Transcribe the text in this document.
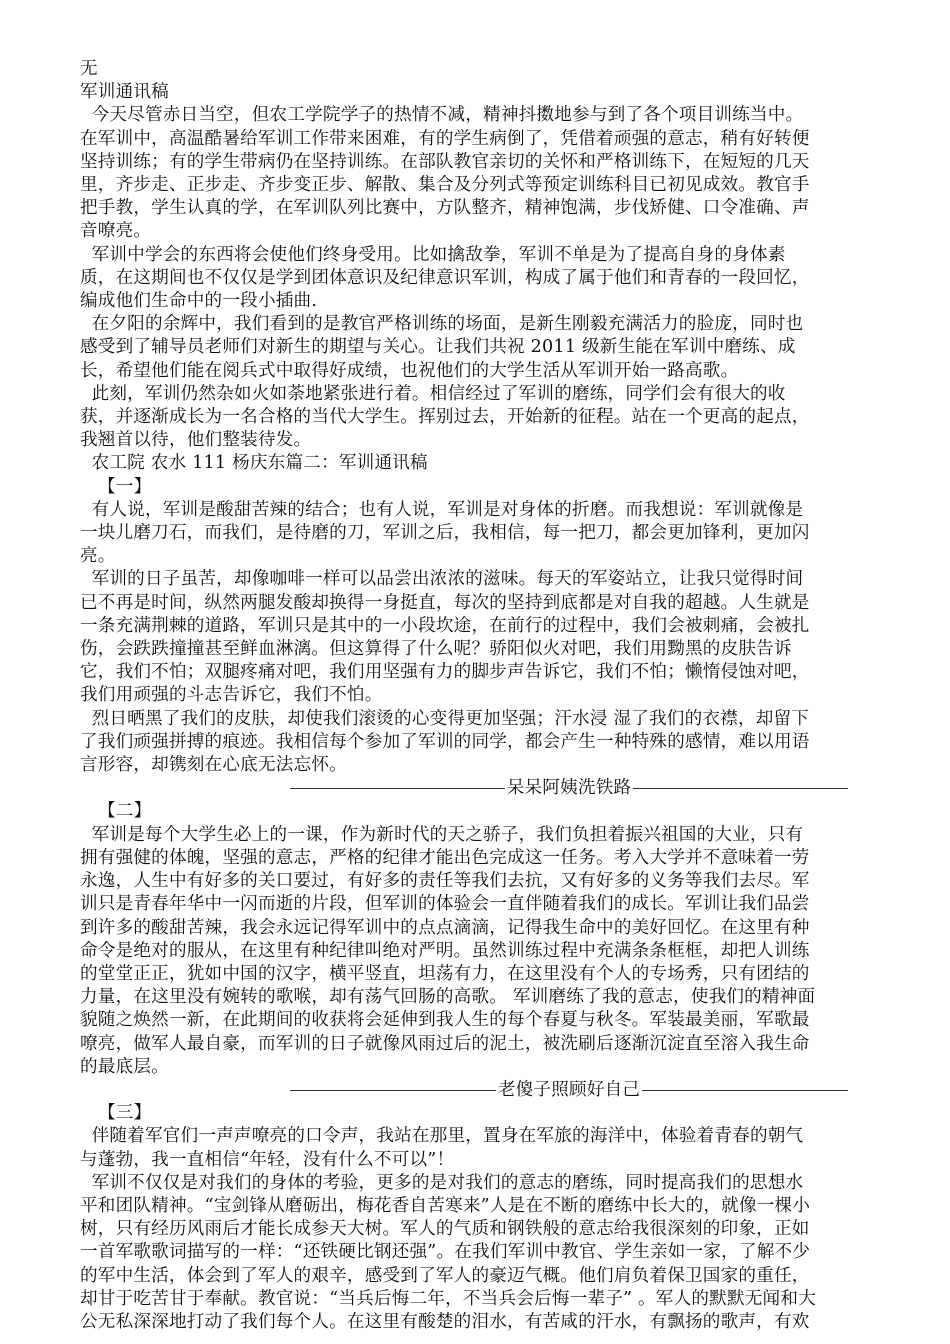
无
军训通讯稿
今天尽管赤日当空，但农工学院学子的热情不减，精神抖擞地参与到了各个项目训练当中。
在军训中，高温酷暑给军训工作带来困难，有的学生病倒了，凭借着顽强的意志，稍有好转便
坚持训练；有的学生带病仍在坚持训练。在部队教官亲切的关怀和严格训练下，在短短的几天
里，齐步走、正步走、齐步变正步、解散、集合及分列式等预定训练科目已初见成效。教官手
把手教，学生认真的学，在军训队列比赛中，方队整齐，精神饱满，步伐矫健、口令准确、声
音嘹亮。
军训中学会的东西将会使他们终身受用。比如擒敌拳，军训不单是为了提高自身的身体素
质，在这期间也不仅仅是学到团体意识及纪律意识军训，构成了属于他们和青春的一段回忆，
编成他们生命中的一段小插曲.
在夕阳的余辉中，我们看到的是教官严格训练的场面，是新生刚毅充满活力的脸庞，同时也
感受到了辅导员老师们对新生的期望与关心。让我们共祝 2011 级新生能在军训中磨练、成
长，希望他们能在阅兵式中取得好成绩，也祝他们的大学生活从军训开始一路高歌。
此刻，军训仍然杂如火如荼地紧张进行着。相信经过了军训的磨练，同学们会有很大的收
获，并逐渐成长为一名合格的当代大学生。挥别过去，开始新的征程。站在一个更高的起点，
我翘首以待，他们整装待发。
农工院 农水 111 杨庆东篇二：军训通讯稿
【一】
有人说，军训是酸甜苦辣的结合；也有人说，军训是对身体的折磨。而我想说：军训就像是
一块儿磨刀石，而我们，是待磨的刀，军训之后，我相信，每一把刀，都会更加锋利，更加闪
亮。
军训的日子虽苦，却像咖啡一样可以品尝出浓浓的滋味。每天的军姿站立，让我只觉得时间
已不再是时间，纵然两腿发酸却换得一身挺直，每次的坚持到底都是对自我的超越。人生就是
一条充满荆棘的道路，军训只是其中的一小段坎途，在前行的过程中，我们会被刺痛，会被扎
伤，会跌跌撞撞甚至鲜血淋漓。但这算得了什么呢？骄阳似火对吧，我们用黝黑的皮肤告诉
它，我们不怕；双腿疼痛对吧，我们用坚强有力的脚步声告诉它，我们不怕；懒惰侵蚀对吧，
我们用顽强的斗志告诉它，我们不怕。
烈日晒黑了我们的皮肤，却使我们滚烫的心变得更加坚强；汗水浸 湿了我们的衣襟，却留下
了我们顽强拼搏的痕迹。我相信每个参加了军训的同学，都会产生一种特殊的感情，难以用语
言形容，却镌刻在心底无法忘怀。
呆呆阿姨洗铁路
【二】
军训是每个大学生必上的一课，作为新时代的天之骄子，我们负担着振兴祖国的大业，只有
拥有强健的体魄，坚强的意志，严格的纪律才能出色完成这一任务。考入大学并不意味着一劳
永逸，人生中有好多的关口要过，有好多的责任等我们去抗，又有好多的义务等我们去尽。军
训只是青春年华中一闪而逝的片段，但军训的体验会一直伴随着我们的成长。军训让我们品尝
到许多的酸甜苦辣，我会永远记得军训中的点点滴滴，记得我生命中的美好回忆。在这里有种
命令是绝对的服从，在这里有种纪律叫绝对严明。虽然训练过程中充满条条框框，却把人训练
的堂堂正正，犹如中国的汉字，横平竖直，坦荡有力，在这里没有个人的专场秀，只有团结的
力量，在这里没有婉转的歌喉，却有荡气回肠的高歌。 军训磨练了我的意志，使我们的精神面
貌随之焕然一新，在此期间的收获将会延伸到我人生的每个春夏与秋冬。军装最美丽，军歌最
嘹亮，做军人最自豪，而军训的日子就像风雨过后的泥土，被洗刷后逐渐沉淀直至溶入我生命
的最底层。
老傻子照顾好自己
【三】
伴随着军官们一声声嘹亮的口令声，我站在那里，置身在军旅的海洋中，体验着青春的朝气
与蓬勃，我一直相信“年轻，没有什么不可以”！
军训不仅仅是对我们的身体的考验，更多的是对我们的意志的磨练，同时提高我们的思想水
平和团队精神。“宝剑锋从磨砺出，梅花香自苦寒来”人是在不断的磨练中长大的，就像一棵小
树，只有经历风雨后才能长成参天大树。军人的气质和钢铁般的意志给我很深刻的印象，正如
一首军歌歌词描写的一样：“还铁硬比钢还强”。在我们军训中教官、学生亲如一家，了解不少
的军中生活，体会到了军人的艰辛，感受到了军人的豪迈气概。他们肩负着保卫国家的重任，
却甘于吃苦甘于奉献。教官说：“当兵后悔二年，不当兵会后悔一辈子” 。军人的默默无闻和大
公无私深深地打动了我们每个人。在这里有酸楚的泪水，有苦咸的汗水，有飘扬的歌声，有欢
